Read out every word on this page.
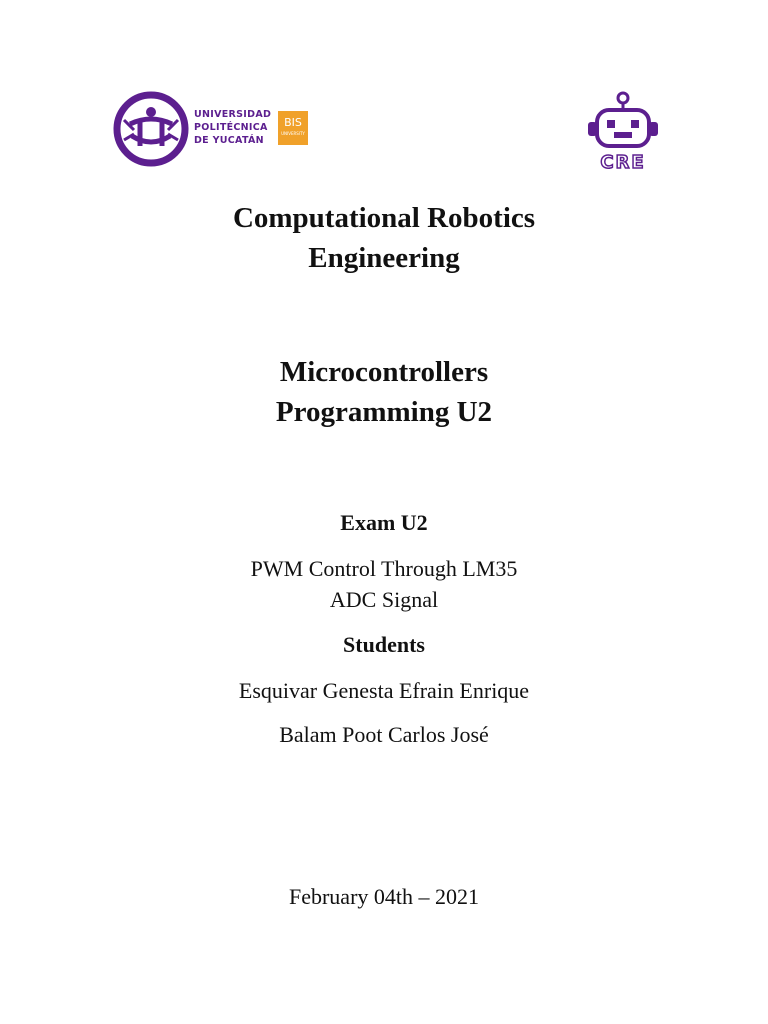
UNIVERSIDAD
POLITÉCNICA
DE YUCATÁN
BIS
UNIVERSITY
CRE
Computational Robotics
Engineering
Microcontrollers
Programming U2
Exam U2
PWM Control Through LM35
ADC Signal
Students
Esquivar Genesta Efrain Enrique
Balam Poot Carlos José
February 04th – 2021
